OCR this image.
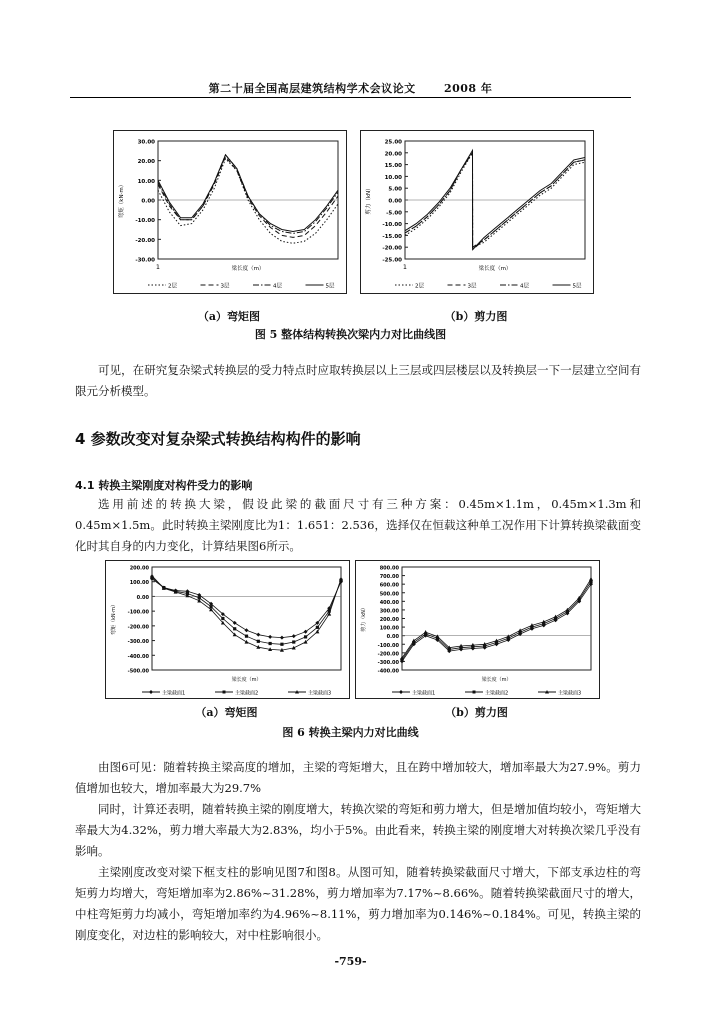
第二十届全国高层建筑结构学术会议论文	2008 年
30.00
20.00
10.00
0.00
-10.00
-20.00
-30.00
弯矩（kN·m）
1	梁长度（m）
2层	3层	4层	5层
25.00
20.00
15.00
10.00
5.00
0.00
-5.00
-10.00
-15.00
-20.00
-25.00
剪力（kN）
1	梁长度（m）
2层	3层	4层	5层
（a）弯矩图	（b）剪力图
图 5 整体结构转换次梁内力对比曲线图

可见，在研究复杂梁式转换层的受力特点时应取转换层以上三层或四层楼层以及转换层一下一层建立空间有限元分析模型。

4 参数改变对复杂梁式转换结构构件的影响
4.1 转换主梁刚度对构件受力的影响

选用前述的转换大梁，假设此梁的截面尺寸有三种方案：0.45m×1.1m，0.45m×1.3m和0.45m×1.5m。此时转换主梁刚度比为1：1.651：2.536，选择仅在恒载这种单工况作用下计算转换梁截面变化时其自身的内力变化，计算结果图6所示。

200.00
100.00
0.00
-100.00
-200.00
-300.00
-400.00
-500.00
弯矩（kN·m）
梁长度（m）
主梁截面1	主梁截面2	主梁截面3
800.00
700.00
600.00
500.00
400.00
300.00
200.00
100.00
0.00
-100.00
-200.00
-300.00
-400.00
剪力（kN）
梁长度（m）
主梁截面1	主梁截面2	主梁截面3
（a）弯矩图	（b）剪力图
图 6 转换主梁内力对比曲线

由图6可见：随着转换主梁高度的增加，主梁的弯矩增大，且在跨中增加较大，增加率最大为27.9%。剪力值增加也较大，增加率最大为29.7%

同时，计算还表明，随着转换主梁的刚度增大，转换次梁的弯矩和剪力增大，但是增加值均较小，弯矩增大率最大为4.32%，剪力增大率最大为2.83%，均小于5%。由此看来，转换主梁的刚度增大对转换次梁几乎没有影响。

主梁刚度改变对梁下框支柱的影响见图7和图8。从图可知，随着转换梁截面尺寸增大，下部支承边柱的弯矩剪力均增大，弯矩增加率为2.86%~31.28%，剪力增加率为7.17%~8.66%。随着转换梁截面尺寸的增大，中柱弯矩剪力均减小，弯矩增加率约为4.96%~8.11%，剪力增加率为0.146%~0.184%。可见，转换主梁的刚度变化，对边柱的影响较大，对中柱影响很小。

-759-
